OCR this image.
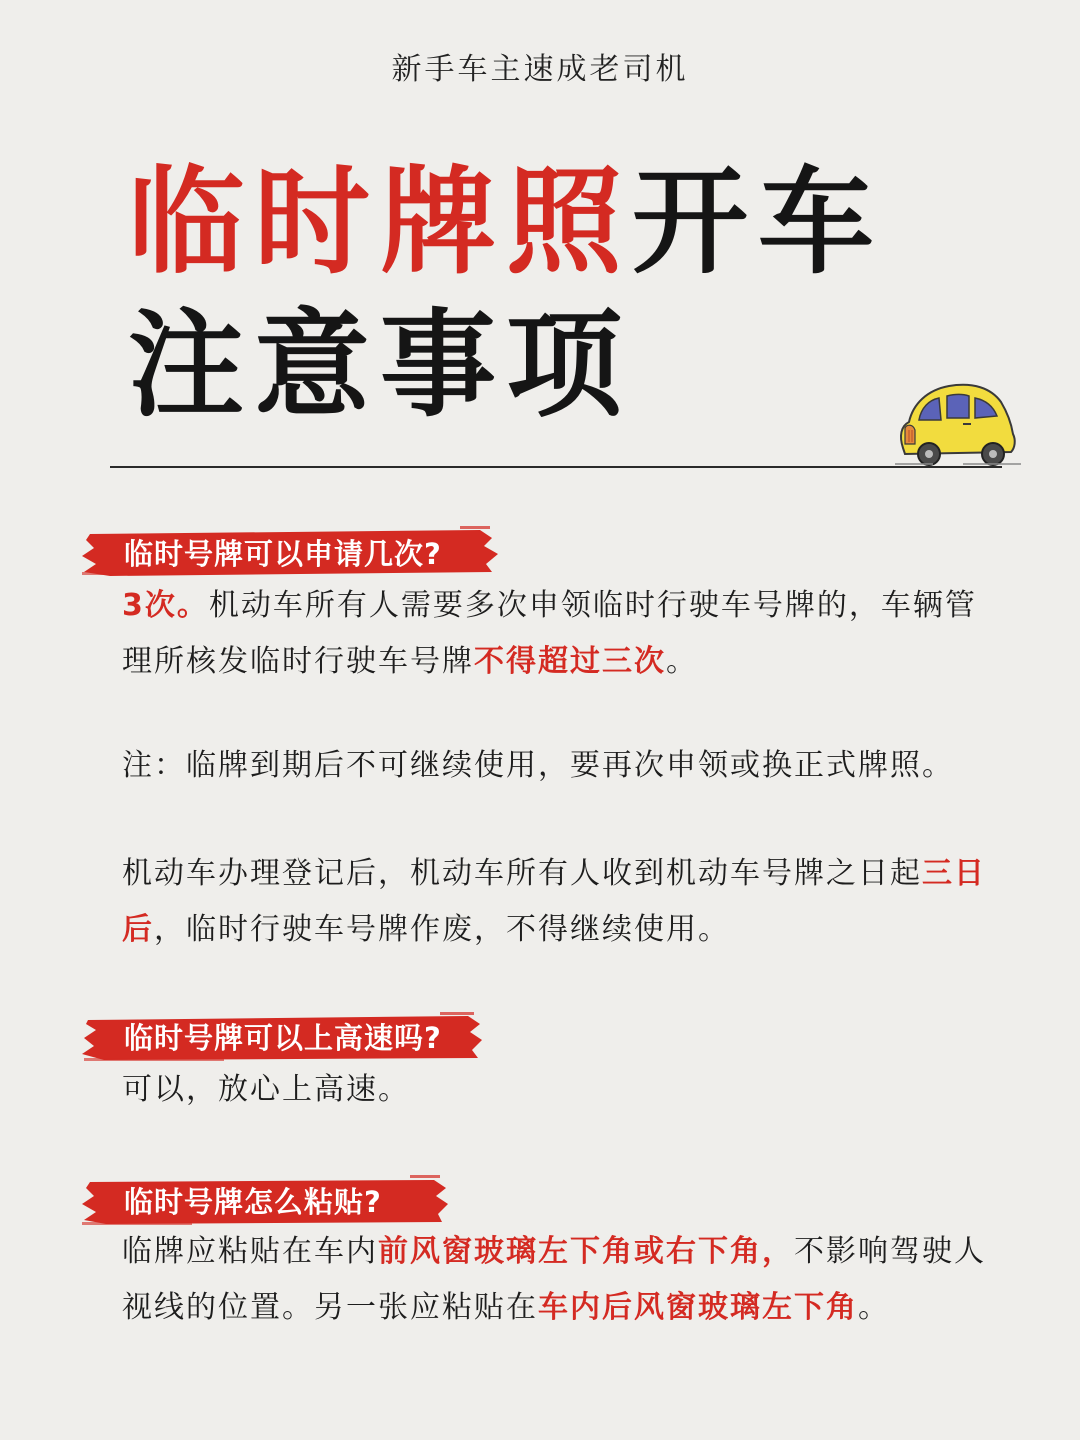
新手车主速成老司机
临时牌照开车
注意事项
临时号牌可以申请几次?
3次。机动车所有人需要多次申领临时行驶车号牌的，车辆管理所核发临时行驶车号牌不得超过三次。
注：临牌到期后不可继续使用，要再次申领或换正式牌照。
机动车办理登记后，机动车所有人收到机动车号牌之日起三日后，临时行驶车号牌作废，不得继续使用。
临时号牌可以上高速吗?
可以，放心上高速。
临时号牌怎么粘贴?
临牌应粘贴在车内前风窗玻璃左下角或右下角，不影响驾驶人视线的位置。另一张应粘贴在车内后风窗玻璃左下角。
